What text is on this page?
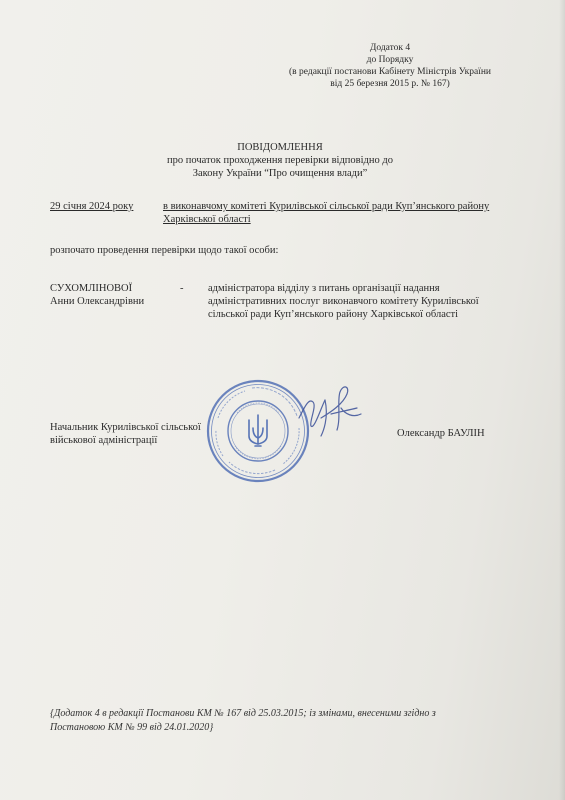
Додаток 4
до Порядку
(в редакції постанови Кабінету Міністрів України
від 25 березня 2015 р. № 167)
ПОВІДОМЛЕННЯ
про початок проходження перевірки відповідно до
Закону України “Про очищення влади”
29 січня 2024 року	в виконавчому комітеті Курилівської сільської ради Куп’янського району
Харківської області
розпочато проведення перевірки щодо такої особи:
СУХОМЛІНОВОЇ
Анни Олександрівни
- адміністратора відділу з питань організації надання
адміністративних послуг виконавчого комітету Курилівської
сільської ради Куп’янського району Харківської області
Начальник Курилівської сільської
військової адміністрації
Олександр БАУЛІН
{Додаток 4 в редакції Постанови КМ № 167 від 25.03.2015; із змінами, внесеними згідно з
Постановою КМ № 99 від 24.01.2020}
